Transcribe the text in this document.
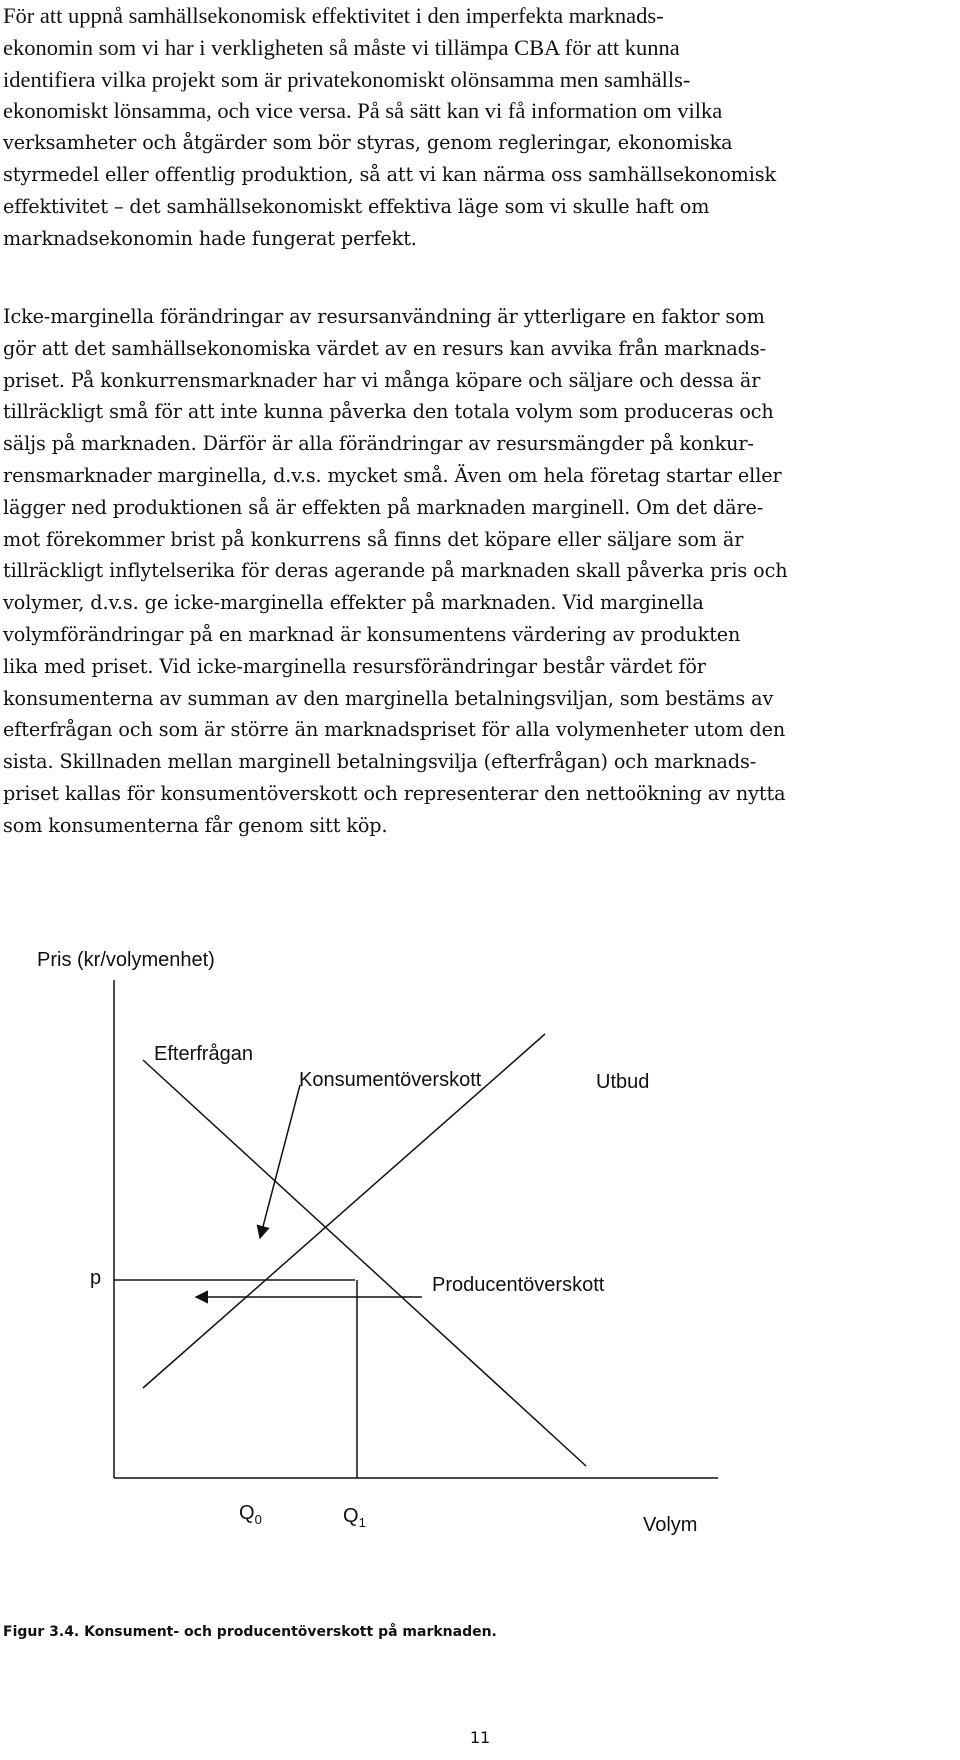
För att uppnå samhällsekonomisk effektivitet i den imperfekta marknads-
ekonomin som vi har i verkligheten så måste vi tillämpa CBA för att kunna
identifiera vilka projekt som är privatekonomiskt olönsamma men samhälls-
ekonomiskt lönsamma, och vice versa. På så sätt kan vi få information om vilka
verksamheter och åtgärder som bör styras, genom regleringar, ekonomiska
styrmedel eller offentlig produktion, så att vi kan närma oss samhällsekonomisk
effektivitet – det samhällsekonomiskt effektiva läge som vi skulle haft om
marknadsekonomin hade fungerat perfekt.
Icke-marginella förändringar av resursanvändning är ytterligare en faktor som
gör att det samhällsekonomiska värdet av en resurs kan avvika från marknads-
priset. På konkurrensmarknader har vi många köpare och säljare och dessa är
tillräckligt små för att inte kunna påverka den totala volym som produceras och
säljs på marknaden. Därför är alla förändringar av resursmängder på konkur-
rensmarknader marginella, d.v.s. mycket små. Även om hela företag startar eller
lägger ned produktionen så är effekten på marknaden marginell. Om det däre-
mot förekommer brist på konkurrens så finns det köpare eller säljare som är
tillräckligt inflytelserika för deras agerande på marknaden skall påverka pris och
volymer, d.v.s. ge icke-marginella effekter på marknaden. Vid marginella
volymförändringar på en marknad är konsumentens värdering av produkten
lika med priset. Vid icke-marginella resursförändringar består värdet för
konsumenterna av summan av den marginella betalningsviljan, som bestäms av
efterfrågan och som är större än marknadspriset för alla volymenheter utom den
sista. Skillnaden mellan marginell betalningsvilja (efterfrågan) och marknads-
priset kallas för konsumentöverskott och representerar den nettoökning av nytta
som konsumenterna får genom sitt köp.
Pris (kr/volymenhet)
Efterfrågan
Konsumentöverskott	Utbud
p	Producentöverskott
$Q_0$	$Q_1$	Volym
Figur 3.4. Konsument- och producentöverskott på marknaden.
11
